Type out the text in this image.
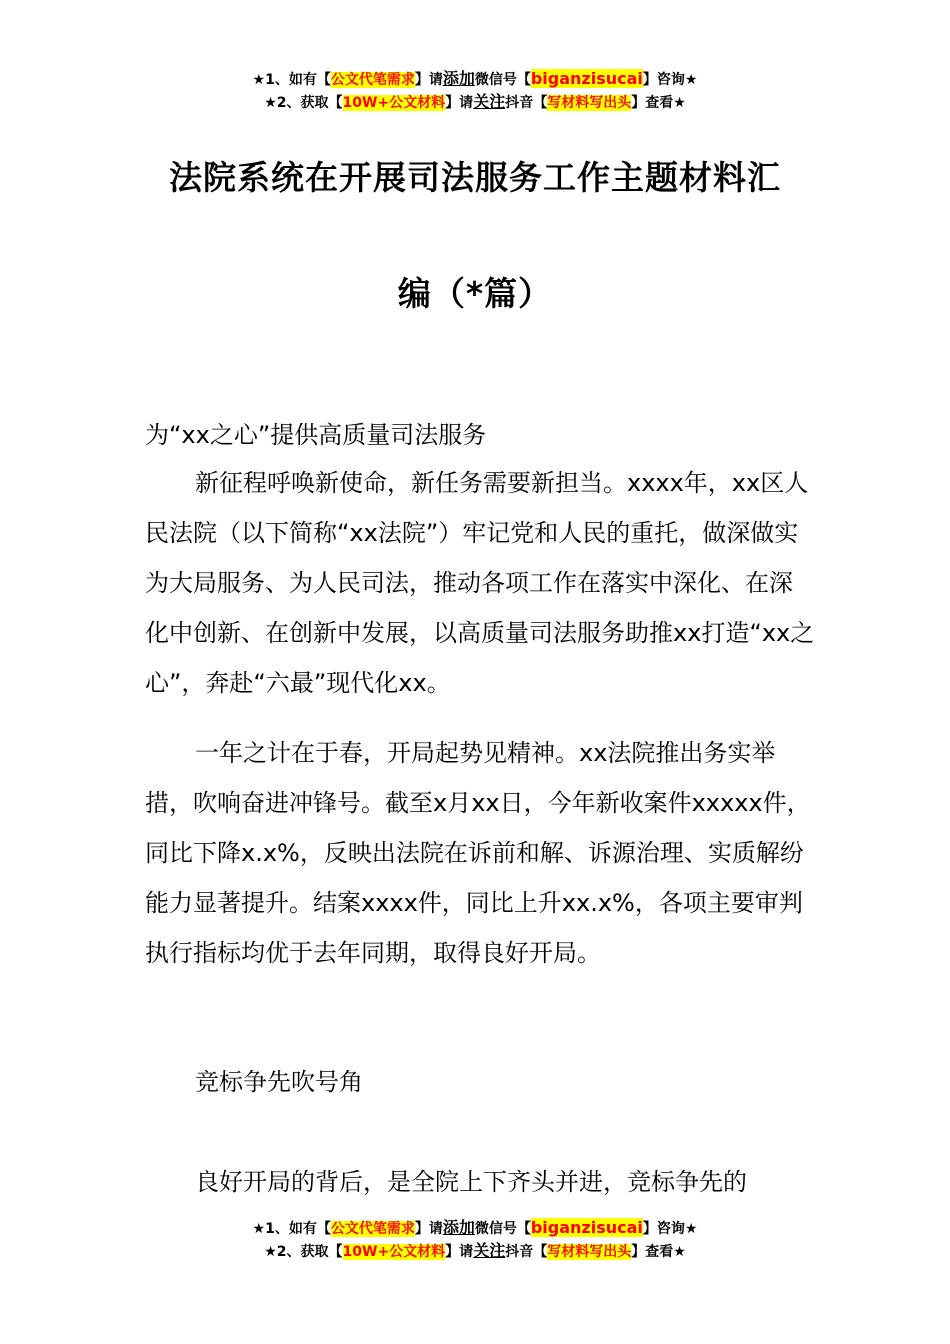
★1、如有【公文代笔需求】请添加微信号【biganzisucai】咨询★
★2、获取【10W+公文材料】请关注抖音【写材料写出头】查看★
法院系统在开展司法服务工作主题材料汇
编（*篇）

为“xx之心”提供高质量司法服务

新征程呼唤新使命，新任务需要新担当。xxxx年，xx区人民法院（以下简称“xx法院”）牢记党和人民的重托，做深做实为大局服务、为人民司法，推动各项工作在落实中深化、在深化中创新、在创新中发展，以高质量司法服务助推xx打造“xx之心”，奔赴“六最”现代化xx。

一年之计在于春，开局起势见精神。xx法院推出务实举措，吹响奋进冲锋号。截至x月xx日，今年新收案件xxxxx件，同比下降x.x%，反映出法院在诉前和解、诉源治理、实质解纷能力显著提升。结案xxxx件，同比上升xx.x%，各项主要审判执行指标均优于去年同期，取得良好开局。

竞标争先吹号角

良好开局的背后，是全院上下齐头并进，竞标争先的

★1、如有【公文代笔需求】请添加微信号【biganzisucai】咨询★
★2、获取【10W+公文材料】请关注抖音【写材料写出头】查看★
